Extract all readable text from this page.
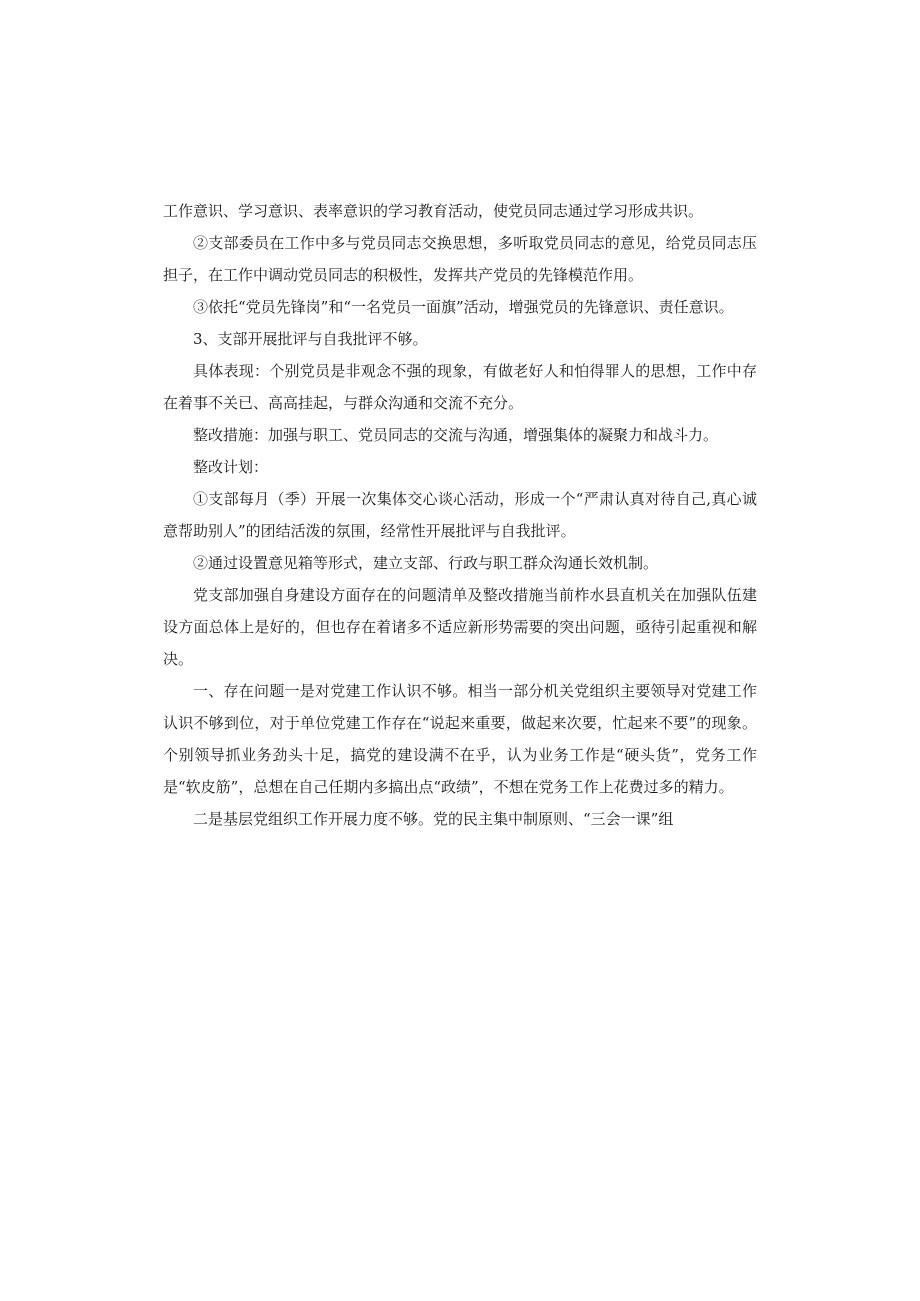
工作意识、学习意识、表率意识的学习教育活动，使党员同志通过学习形成共识。

②支部委员在工作中多与党员同志交换思想，多听取党员同志的意见，给党员同志压担子，在工作中调动党员同志的积极性，发挥共产党员的先锋模范作用。

③依托“党员先锋岗”和“一名党员一面旗”活动，增强党员的先锋意识、责任意识。

3、支部开展批评与自我批评不够。

具体表现：个别党员是非观念不强的现象，有做老好人和怕得罪人的思想，工作中存在着事不关已、高高挂起，与群众沟通和交流不充分。

整改措施：加强与职工、党员同志的交流与沟通，增强集体的凝聚力和战斗力。

整改计划：

①支部每月（季）开展一次集体交心谈心活动，形成一个“严肃认真对待自己,真心诚意帮助别人”的团结活泼的氛围，经常性开展批评与自我批评。

②通过设置意见箱等形式，建立支部、行政与职工群众沟通长效机制。

党支部加强自身建设方面存在的问题清单及整改措施当前柞水县直机关在加强队伍建设方面总体上是好的，但也存在着诸多不适应新形势需要的突出问题，亟待引起重视和解决。

一、存在问题一是对党建工作认识不够。相当一部分机关党组织主要领导对党建工作认识不够到位，对于单位党建工作存在“说起来重要，做起来次要，忙起来不要”的现象。个别领导抓业务劲头十足，搞党的建设满不在乎，认为业务工作是“硬头货”，党务工作是“软皮筋”，总想在自己任期内多搞出点“政绩”，不想在党务工作上花费过多的精力。

二是基层党组织工作开展力度不够。党的民主集中制原则、“三会一课”组
